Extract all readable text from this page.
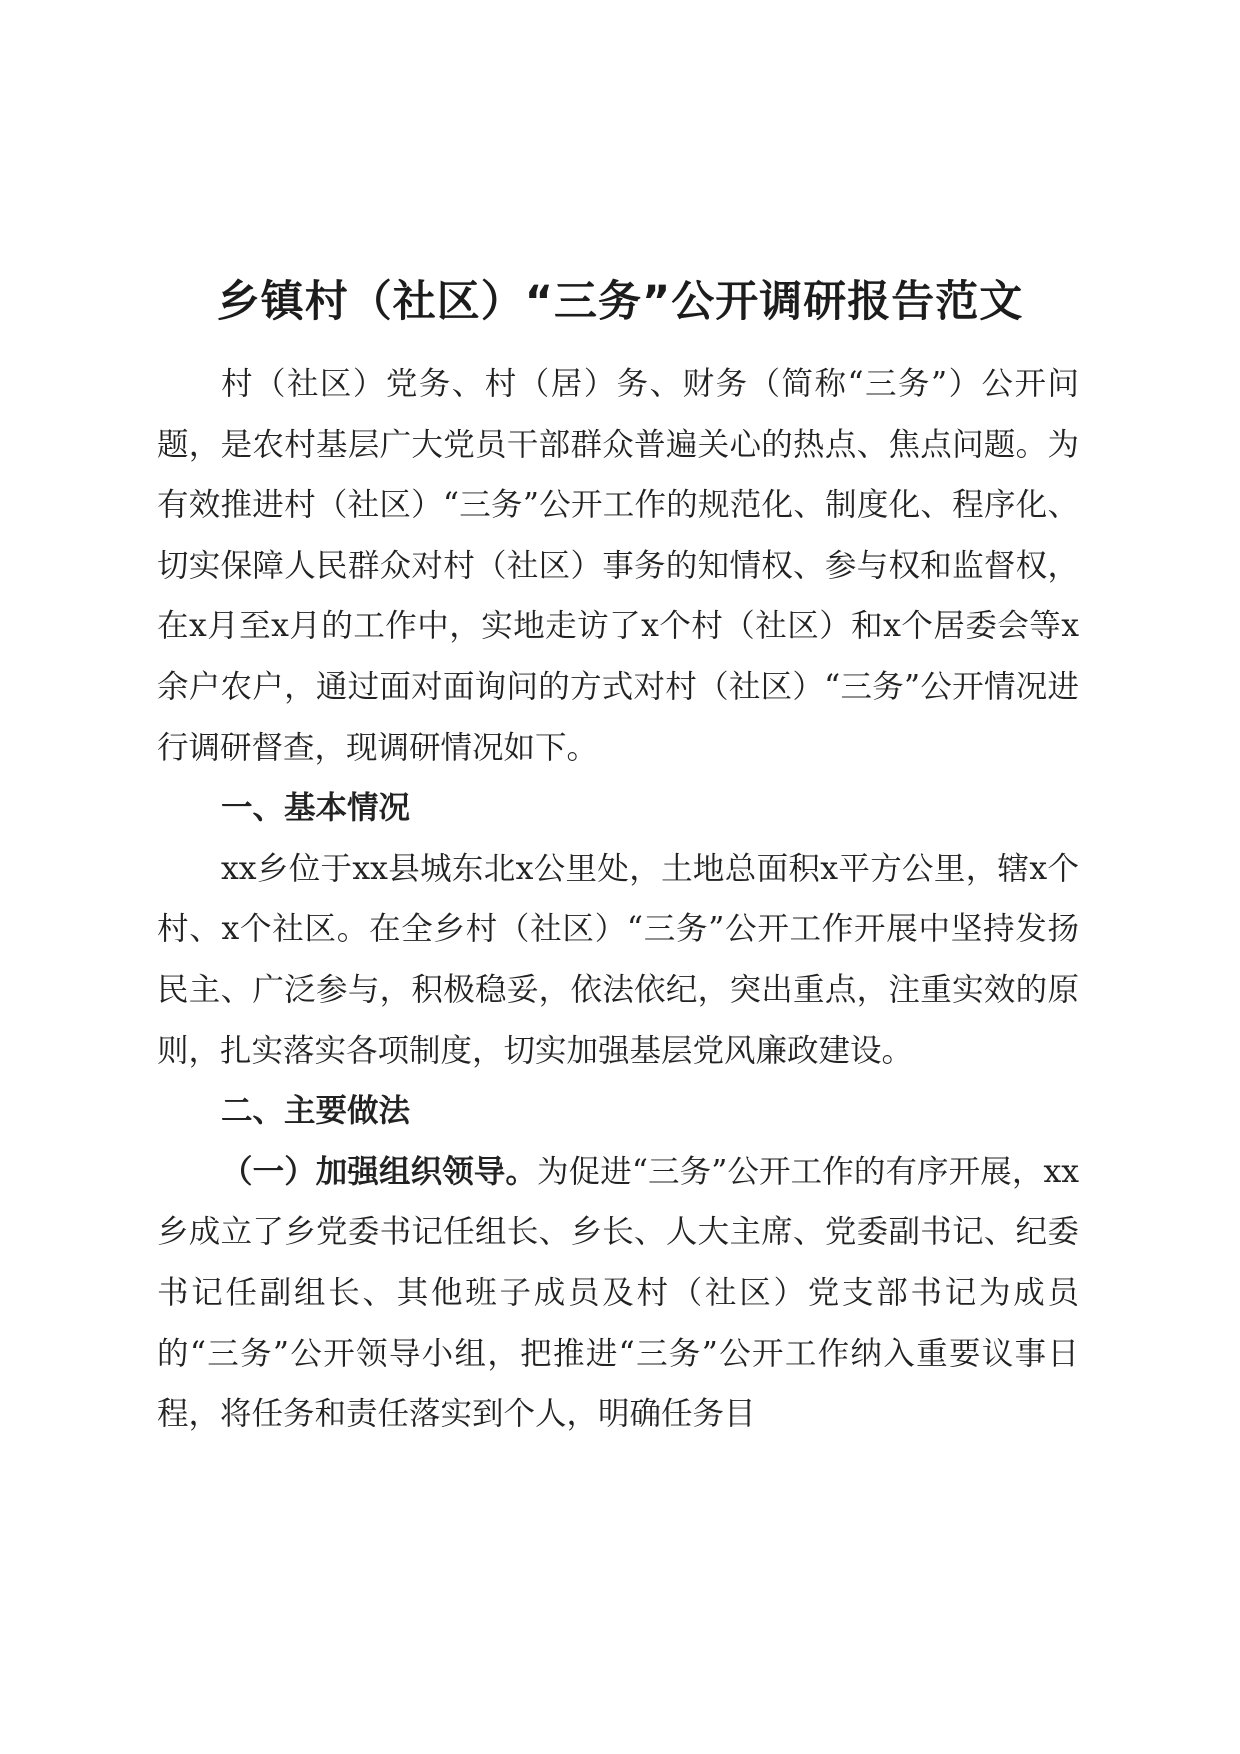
乡镇村（社区）“三务”公开调研报告范文

村（社区）党务、村（居）务、财务（简称“三务”）公开问题，是农村基层广大党员干部群众普遍关心的热点、焦点问题。为有效推进村（社区）“三务”公开工作的规范化、制度化、程序化、切实保障人民群众对村（社区）事务的知情权、参与权和监督权，在x月至x月的工作中，实地走访了x个村（社区）和x个居委会等x余户农户，通过面对面询问的方式对村（社区）“三务”公开情况进行调研督查，现调研情况如下。

一、基本情况

xx乡位于xx县城东北x公里处，土地总面积x平方公里，辖x个村、x个社区。在全乡村（社区）“三务”公开工作开展中坚持发扬民主、广泛参与，积极稳妥，依法依纪，突出重点，注重实效的原则，扎实落实各项制度，切实加强基层党风廉政建设。

二、主要做法

（一）加强组织领导。为促进“三务”公开工作的有序开展，xx乡成立了乡党委书记任组长、乡长、人大主席、党委副书记、纪委书记任副组长、其他班子成员及村（社区）党支部书记为成员的“三务”公开领导小组，把推进“三务”公开工作纳入重要议事日程，将任务和责任落实到个人，明确任务目
